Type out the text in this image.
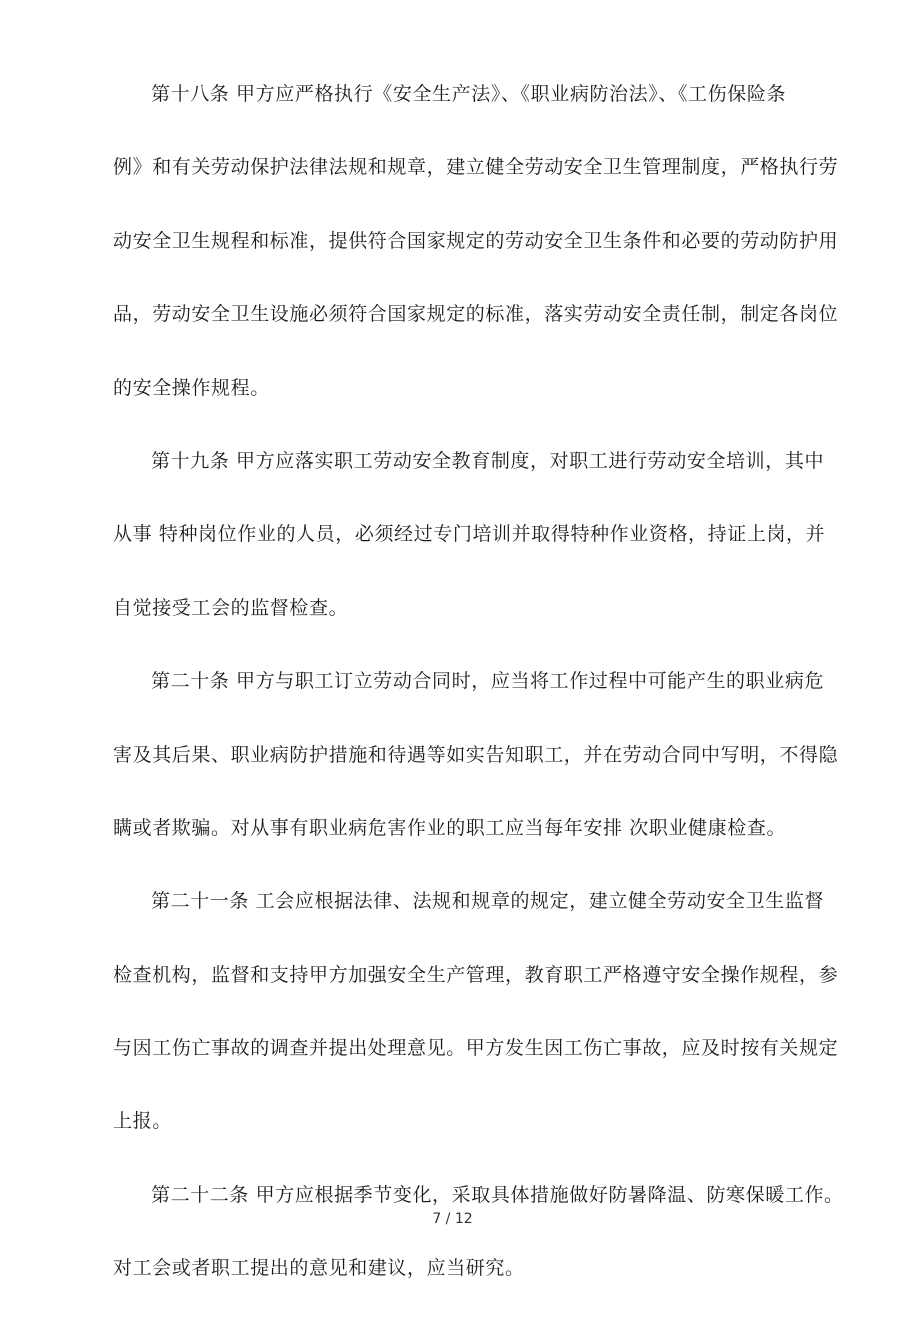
第十八条 甲方应严格执行《安全生产法》、《职业病防治法》、《工伤保险条
例》和有关劳动保护法律法规和规章，建立健全劳动安全卫生管理制度，严格执行劳
动安全卫生规程和标准，提供符合国家规定的劳动安全卫生条件和必要的劳动防护用
品，劳动安全卫生设施必须符合国家规定的标准，落实劳动安全责任制，制定各岗位
的安全操作规程。
第十九条 甲方应落实职工劳动安全教育制度，对职工进行劳动安全培训，其中
从事 特种岗位作业的人员，必须经过专门培训并取得特种作业资格，持证上岗，并
自觉接受工会的监督检查。
第二十条 甲方与职工订立劳动合同时，应当将工作过程中可能产生的职业病危
害及其后果、职业病防护措施和待遇等如实告知职工，并在劳动合同中写明，不得隐
瞒或者欺骗。对从事有职业病危害作业的职工应当每年安排 次职业健康检查。
第二十一条 工会应根据法律、法规和规章的规定，建立健全劳动安全卫生监督
检查机构，监督和支持甲方加强安全生产管理，教育职工严格遵守安全操作规程，参
与因工伤亡事故的调查并提出处理意见。甲方发生因工伤亡事故，应及时按有关规定
上报。
第二十二条 甲方应根据季节变化，采取具体措施做好防暑降温、防寒保暖工作。
对工会或者职工提出的意见和建议，应当研究。
7 / 12
